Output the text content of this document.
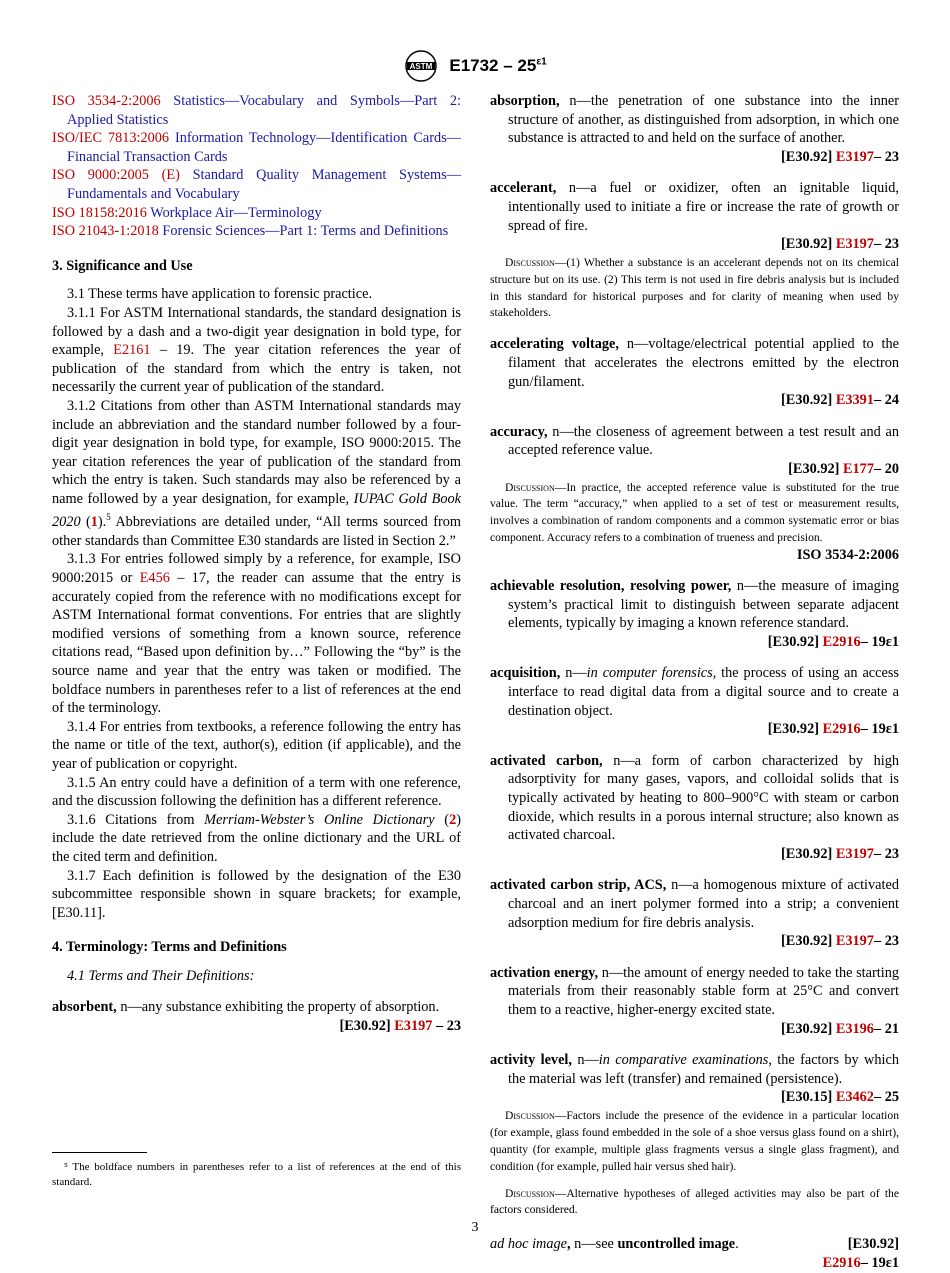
ASTM $E1732 - 25^{\varepsilon 1}$

ISO 3534-2:2006 Statistics—Vocabulary and Symbols—Part 2: Applied Statistics

ISO/IEC 7813:2006 Information Technology—Identification Cards—Financial Transaction Cards

ISO 9000:2005 (E) Standard Quality Management Systems—Fundamentals and Vocabulary

ISO 18158:2016 Workplace Air—Terminology

ISO 21043-1:2018 Forensic Sciences—Part 1: Terms and Definitions

3. Significance and Use

3.1 These terms have application to forensic practice.

3.1.1 For ASTM International standards, the standard designation is followed by a dash and a two-digit year designation in bold type, for example, E2161 – 19. The year citation references the year of publication of the standard from which the entry is taken, not necessarily the current year of publication of the standard.

3.1.2 Citations from other than ASTM International standards may include an abbreviation and the standard number followed by a four-digit year designation in bold type, for example, ISO 9000:2015. The year citation references the year of publication of the standard from which the entry is taken. Such standards may also be referenced by a name followed by a year designation, for example, IUPAC Gold Book 2020 (1).$^5$ Abbreviations are detailed under, “All terms sourced from other standards than Committee E30 standards are listed in Section 2.”

3.1.3 For entries followed simply by a reference, for example, ISO 9000:2015 or E456 – 17, the reader can assume that the entry is accurately copied from the reference with no modifications except for ASTM International format conventions. For entries that are slightly modified versions of something from a known source, reference citations read, “Based upon definition by…” Following the “by” is the source name and year that the entry was taken or modified. The boldface numbers in parentheses refer to a list of references at the end of the terminology.

3.1.4 For entries from textbooks, a reference following the entry has the name or title of the text, author(s), edition (if applicable), and the year of publication or copyright.

3.1.5 An entry could have a definition of a term with one reference, and the discussion following the definition has a different reference.

3.1.6 Citations from Merriam-Webster’s Online Dictionary (2) include the date retrieved from the online dictionary and the URL of the cited term and definition.

3.1.7 Each definition is followed by the designation of the E30 subcommittee responsible shown in square brackets; for example, [E30.11].

4. Terminology: Terms and Definitions

4.1 Terms and Their Definitions:

absorbent, n—any substance exhibiting the property of absorption.
[E30.92] E3197 – 23

⁵ The boldface numbers in parentheses refer to a list of references at the end of this standard.

absorption, n—the penetration of one substance into the inner structure of another, as distinguished from adsorption, in which one substance is attracted to and held on the surface of another.

[E30.92]
E3197 – 23

accelerant, n—a fuel or oxidizer, often an ignitable liquid, intentionally used to initiate a fire or increase the rate of growth or spread of fire.

[E30.92]
E3197 – 23

Discussion—(1) Whether a substance is an accelerant depends not on its chemical structure but on its use. (2) This term is not used in fire debris analysis but is included in this standard for historical purposes and for clarity of meaning when used by stakeholders.

accelerating voltage, n—voltage/electrical potential applied to the filament that accelerates the electrons emitted by the electron gun/filament.

[E30.92]
E3391 – 24

accuracy, n—the closeness of agreement between a test result and an accepted reference value.

[E30.92]
E177 – 20

Discussion—In practice, the accepted reference value is substituted for the true value. The term “accuracy,” when applied to a set of test or measurement results, involves a combination of random components and a common systematic error or bias component. Accuracy refers to a combination of trueness and precision.
ISO 3534-2:2006

achievable resolution, resolving power, n—the measure of imaging system’s practical limit to distinguish between separate adjacent elements, typically by imaging a known reference standard.

[E30.92]
E2916 – 19ε1

acquisition, n—in computer forensics, the process of using an access interface to read digital data from a digital source and to create a destination object.

[E30.92]
E2916 – 19ε1

activated carbon, n—a form of carbon characterized by high adsorptivity for many gases, vapors, and colloidal solids that is typically activated by heating to 800–900°C with steam or carbon dioxide, which results in a porous internal structure; also known as activated charcoal.

[E30.92]
E3197 – 23

activated carbon strip, ACS, n—a homogenous mixture of activated charcoal and an inert polymer formed into a strip; a convenient adsorption medium for fire debris analysis.

[E30.92]
E3197 – 23

activation energy, n—the amount of energy needed to take the starting materials from their reasonably stable form at 25°C and convert them to a reactive, higher-energy excited state.

[E30.92]
E3196 – 21

activity level, n—in comparative examinations, the factors by which the material was left (transfer) and remained (persistence).

[E30.15]
E3462 – 25

Discussion—Factors include the presence of the evidence in a particular location (for example, glass found embedded in the sole of a shoe versus glass found on a shirt), quantity (for example, multiple glass fragments versus a single glass fragment), and condition (for example, pulled hair versus shed hair).

Discussion—Alternative hypotheses of alleged activities may also be part of the factors considered.

ad hoc image, n—see uncontrolled image.	[E30.92]

E2916 – 19ε1
3
